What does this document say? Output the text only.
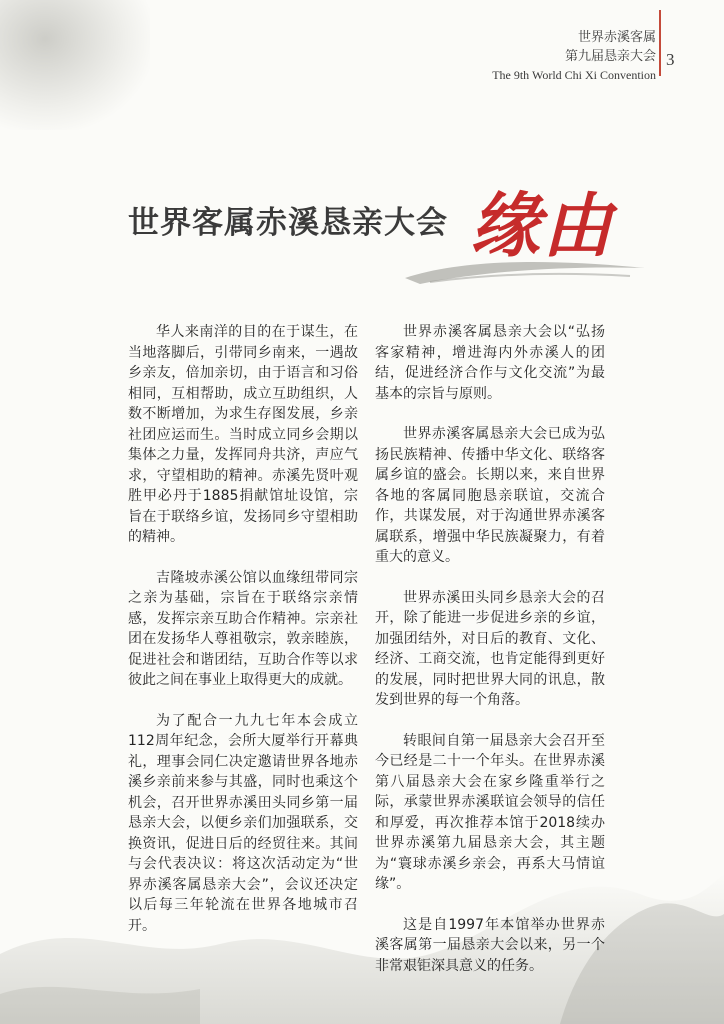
世界赤溪客属
第九届恳亲大会
The 9th World Chi Xi Convention
3
世界客属赤溪恳亲大会 缘由

华人来南洋的目的在于谋生，在当地落脚后，引带同乡南来，一遇故乡亲友，倍加亲切，由于语言和习俗相同，互相帮助，成立互助组织，人数不断增加，为求生存图发展，乡亲社团应运而生。当时成立同乡会期以集体之力量，发挥同舟共济，声应气求，守望相助的精神。赤溪先贤叶观胜甲必丹于1885捐献馆址设馆，宗旨在于联络乡谊，发扬同乡守望相助的精神。

吉隆坡赤溪公馆以血缘纽带同宗之亲为基础，宗旨在于联络宗亲情感，发挥宗亲互助合作精神。宗亲社团在发扬华人尊祖敬宗，敦亲睦族，促进社会和谐团结，互助合作等以求彼此之间在事业上取得更大的成就。

为了配合一九九七年本会成立112周年纪念，会所大厦举行开幕典礼，理事会同仁决定邀请世界各地赤溪乡亲前来参与其盛，同时也乘这个机会，召开世界赤溪田头同乡第一届恳亲大会，以便乡亲们加强联系，交换资讯，促进日后的经贸往来。其间与会代表决议：将这次活动定为“世界赤溪客属恳亲大会”，会议还决定以后每三年轮流在世界各地城市召开。

世界赤溪客属恳亲大会以“弘扬客家精神，增进海内外赤溪人的团结，促进经济合作与文化交流”为最基本的宗旨与原则。

世界赤溪客属恳亲大会已成为弘扬民族精神、传播中华文化、联络客属乡谊的盛会。长期以来，来自世界各地的客属同胞恳亲联谊，交流合作，共谋发展，对于沟通世界赤溪客属联系，增强中华民族凝聚力，有着重大的意义。

世界赤溪田头同乡恳亲大会的召开，除了能进一步促进乡亲的乡谊，加强团结外，对日后的教育、文化、经济、工商交流，也肯定能得到更好的发展，同时把世界大同的讯息，散发到世界的每一个角落。

转眼间自第一届恳亲大会召开至今已经是二十一个年头。在世界赤溪第八届恳亲大会在家乡隆重举行之际，承蒙世界赤溪联谊会领导的信任和厚爱，再次推荐本馆于2018续办世界赤溪第九届恳亲大会，其主题为“寰球赤溪乡亲会，再系大马情谊缘”。

这是自1997年本馆举办世界赤溪客属第一届恳亲大会以来，另一个非常艰钜深具意义的任务。
